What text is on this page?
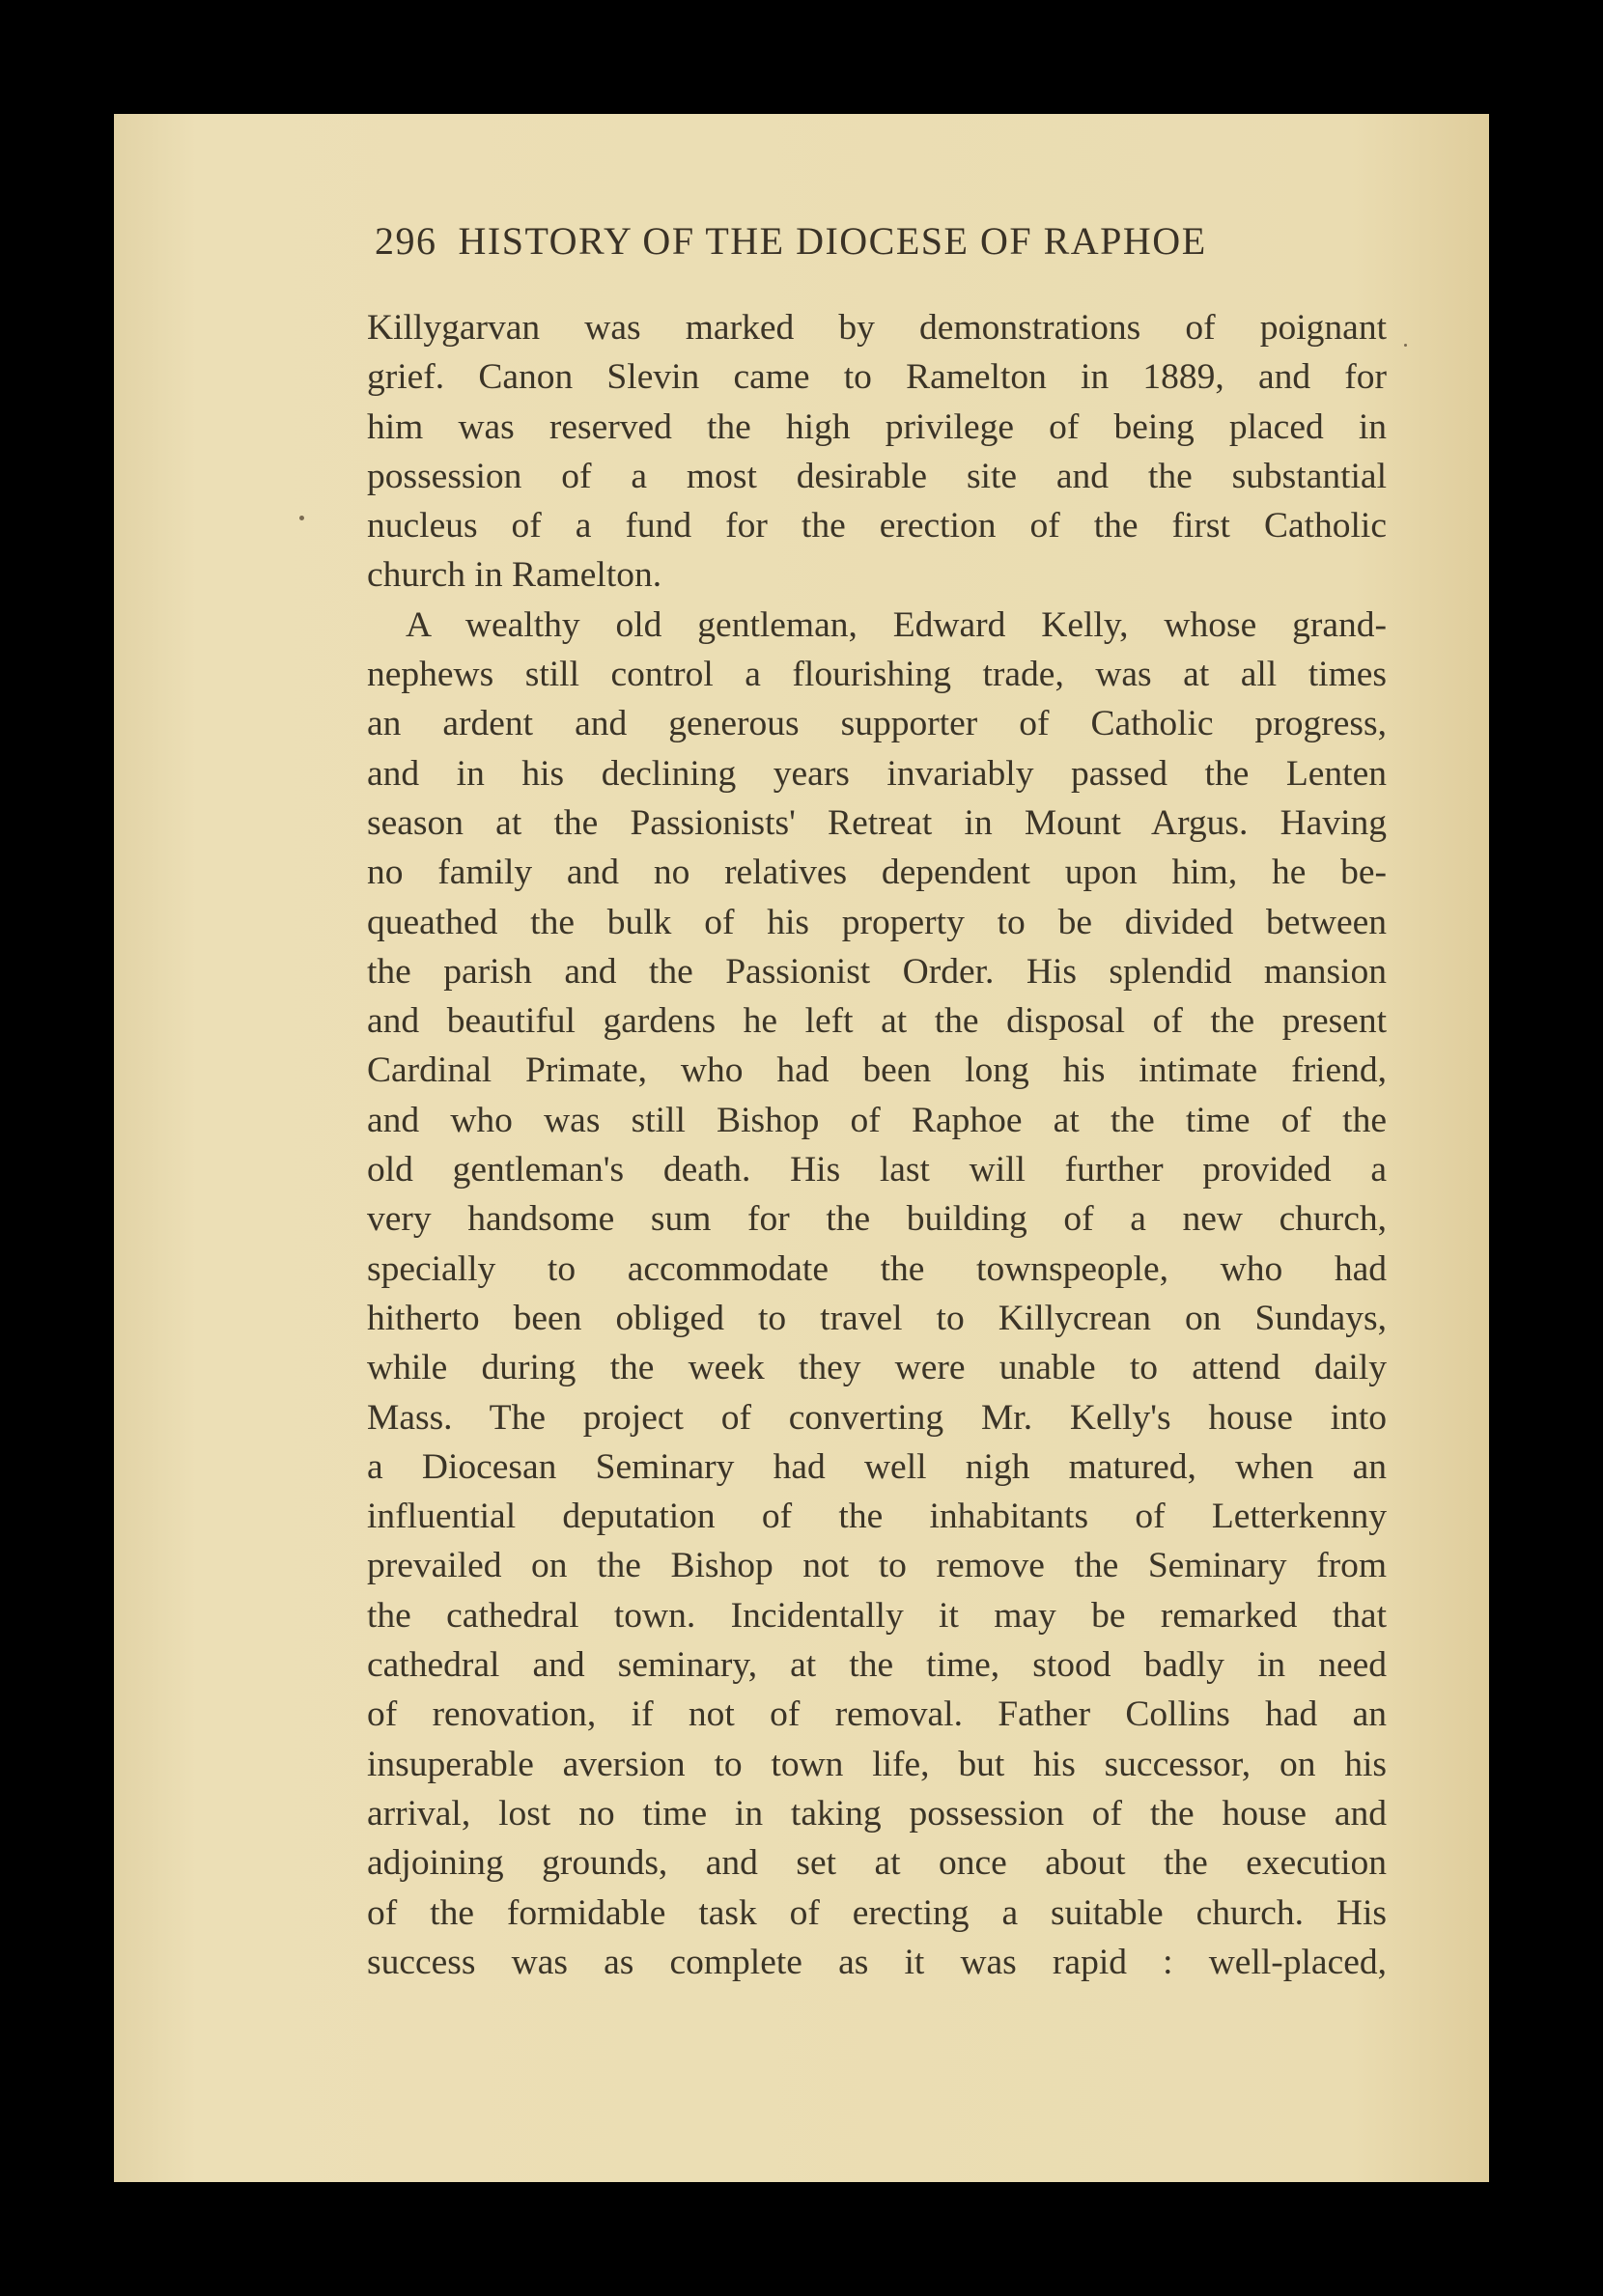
296 HISTORY OF THE DIOCESE OF RAPHOE
Killygarvan was marked by demonstrations of poignant
grief. Canon Slevin came to Ramelton in 1889, and for
him was reserved the high privilege of being placed in
possession of a most desirable site and the substantial
nucleus of a fund for the erection of the first Catholic
church in Ramelton.
A wealthy old gentleman, Edward Kelly, whose grand-
nephews still control a flourishing trade, was at all times
an ardent and generous supporter of Catholic progress,
and in his declining years invariably passed the Lenten
season at the Passionists' Retreat in Mount Argus. Having
no family and no relatives dependent upon him, he be-
queathed the bulk of his property to be divided between
the parish and the Passionist Order. His splendid mansion
and beautiful gardens he left at the disposal of the present
Cardinal Primate, who had been long his intimate friend,
and who was still Bishop of Raphoe at the time of the
old gentleman's death. His last will further provided a
very handsome sum for the building of a new church,
specially to accommodate the townspeople, who had
hitherto been obliged to travel to Killycrean on Sundays,
while during the week they were unable to attend daily
Mass. The project of converting Mr. Kelly's house into
a Diocesan Seminary had well nigh matured, when an
influential deputation of the inhabitants of Letterkenny
prevailed on the Bishop not to remove the Seminary from
the cathedral town. Incidentally it may be remarked that
cathedral and seminary, at the time, stood badly in need
of renovation, if not of removal. Father Collins had an
insuperable aversion to town life, but his successor, on his
arrival, lost no time in taking possession of the house and
adjoining grounds, and set at once about the execution
of the formidable task of erecting a suitable church. His
success was as complete as it was rapid : well-placed,
